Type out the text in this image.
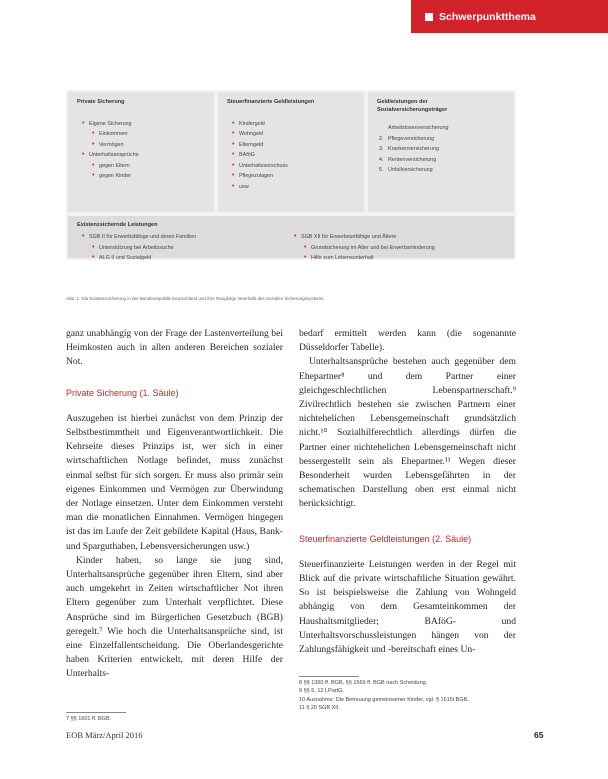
Schwerpunktthema
Private Sicherung
• Eigene Sicherung
• Einkommen
• Vermögen
• Unterhaltsansprüche
• gegen Eltern
• gegen Kinder
Steuerfinanzierte Geldleistungen
• Kindergeld
• Wohngeld
• Elterngeld
• BAföG
• Unterhaltsvorschuss
• Pflegezulagen
• usw.
Geldleistungen der Sozialversicherungsträger
Arbeitslosenversicherung
2. Pflegeversicherung
3. Krankenversicherung
4. Rentenversicherung
5. Unfallversicherung
Existenzsichernde Leistungen
• SGB II für Erwerbsfähige und deren Familien
• Unterstützung bei Arbeitssuche
• ALG II und Sozialgeld
• SGB XII für Erwerbsunfähige und Ältere
• Grundsicherung im Alter und bei Erwerbsminderung
• Hilfe zum Lebensunterhalt
Abb. 1: Die Existenzsicherung in der Bundesrepublik Deutschland und ihre Rangfolge innerhalb des Sozialen Sicherungssystems.

ganz unabhängig von der Frage der Lastenverteilung bei Heimkosten auch in allen anderen Bereichen sozialer Not.

Private Sicherung (1. Säule)

Auszugehen ist hierbei zunächst von dem Prinzip der Selbstbestimmtheit und Eigenverantwortlichkeit. Die Kehrseite dieses Prinzips ist, wer sich in einer wirtschaftlichen Notlage befindet, muss zunächst einmal selbst für sich sorgen. Er muss also primär sein eigenes Einkommen und Vermögen zur Überwindung der Notlage einsetzen. Unter dem Einkommen versteht man die monatlichen Einnahmen. Vermögen hingegen ist das im Laufe der Zeit gebildete Kapital (Haus, Bank- und Sparguthaben, Lebensversicherungen usw.)

Kinder haben, so lange sie jung sind, Unterhaltsansprüche gegenüber ihren Eltern, sind aber auch umgekehrt in Zeiten wirtschaftlicher Not ihren Eltern gegenüber zum Unterhalt verpflichtet. Diese Ansprüche sind im Bürgerlichen Gesetzbuch (BGB) geregelt.⁷ Wie hoch die Unterhaltsansprüche sind, ist eine Einzelfallentscheidung. Die Oberlandesgerichte haben Kriterien entwickelt, mit deren Hilfe der Unterhalts-

7 §§ 1601 ff. BGB.

bedarf ermittelt werden kann (die sogenannte Düsseldorfer Tabelle).

Unterhaltsansprüche bestehen auch gegenüber dem Ehepartner⁸ und dem Partner einer gleichgeschlechtlichen Lebenspartnerschaft.⁹ Zivilrechtlich bestehen sie zwischen Partnern einer nichtehelichen Lebensgemeinschaft grundsätzlich nicht.¹⁰ Sozialhilferechtlich allerdings dürfen die Partner einer nichtehelichen Lebensgemeinschaft nicht bessergestellt sein als Ehepartner.¹¹ Wegen dieser Besonderheit wurden Lebensgefährten in der schematischen Darstellung oben erst einmal nicht berücksichtigt.

Steuerfinanzierte Geldleistungen (2. Säule)

Steuerfinanzierte Leistungen werden in der Regel mit Blick auf die private wirtschaftliche Situation gewährt. So ist beispielsweise die Zahlung von Wohngeld abhängig von dem Gesamteinkommen der Haushaltsmitglieder; BAföG- und Unterhaltsvorschussleistungen hängen von der Zahlungsfähigkeit und -bereitschaft eines Un-

8 §§ 1360 ff. BGB, §§ 1569 ff. BGB nach Scheidung.
9 §§ 5, 12 LPartG.
10 Ausnahme: Die Betreuung gemeinsamer Kinder, vgl. § 1615l BGB.
11 § 20 SGB XII.
EOB März/April 2016	65
